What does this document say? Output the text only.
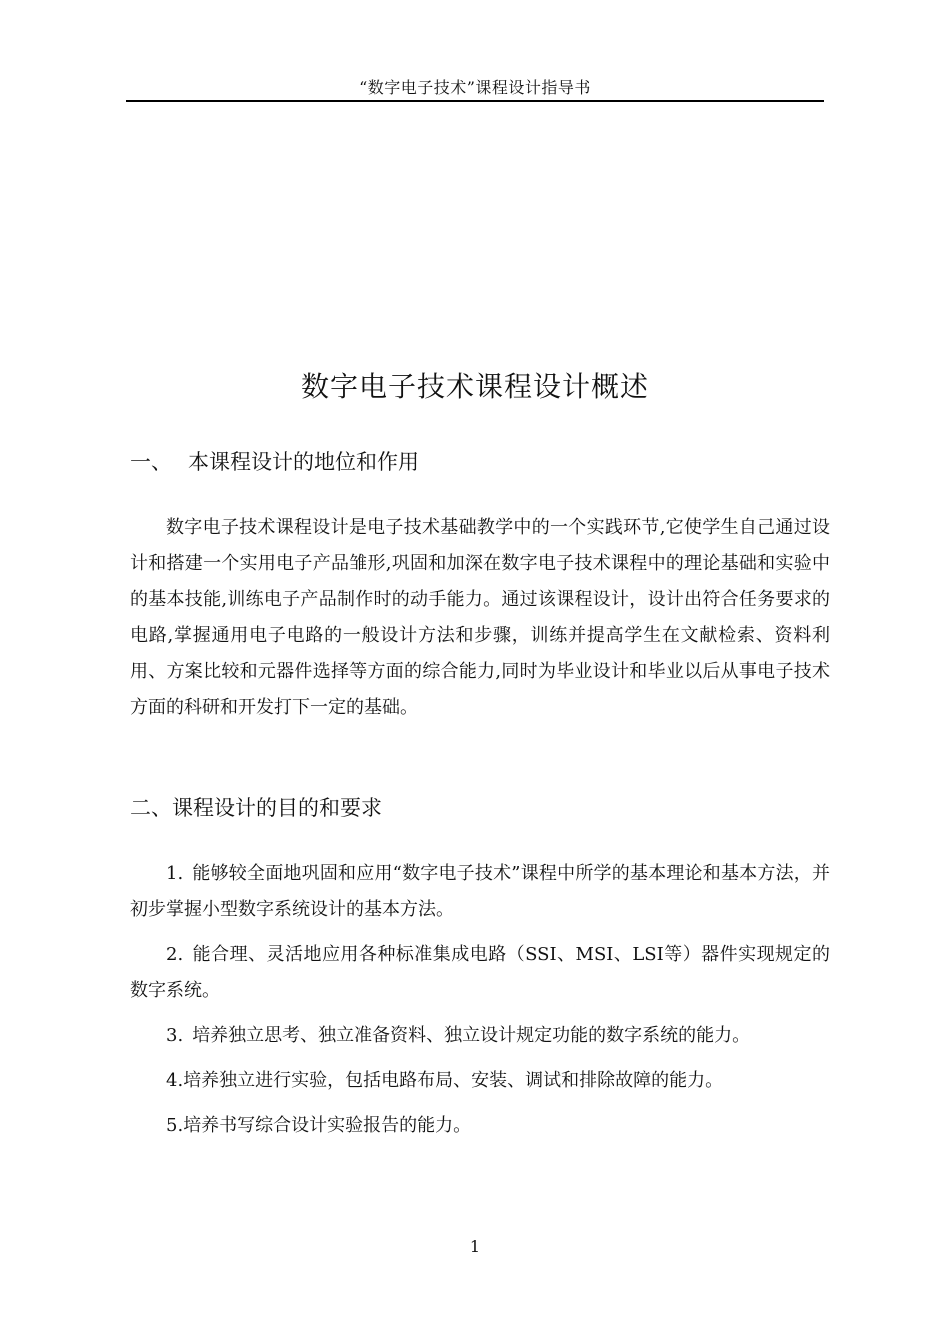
“数字电子技术”课程设计指导书
数字电子技术课程设计概述
一、 本课程设计的地位和作用

数字电子技术课程设计是电子技术基础教学中的一个实践环节,它使学生自己通过设计和搭建一个实用电子产品雏形,巩固和加深在数字电子技术课程中的理论基础和实验中的基本技能,训练电子产品制作时的动手能力。通过该课程设计，设计出符合任务要求的电路,掌握通用电子电路的一般设计方法和步骤，训练并提高学生在文献检索、资料利用、方案比较和元器件选择等方面的综合能力,同时为毕业设计和毕业以后从事电子技术方面的科研和开发打下一定的基础。

二、课程设计的目的和要求
1. 能够较全面地巩固和应用“数字电子技术”课程中所学的基本理论和基本方法，并初步掌握小型数字系统设计的基本方法。
2. 能合理、灵活地应用各种标准集成电路（SSI、MSI、LSI等）器件实现规定的数字系统。
3. 培养独立思考、独立准备资料、独立设计规定功能的数字系统的能力。
4.培养独立进行实验，包括电路布局、安装、调试和排除故障的能力。
5.培养书写综合设计实验报告的能力。
1
